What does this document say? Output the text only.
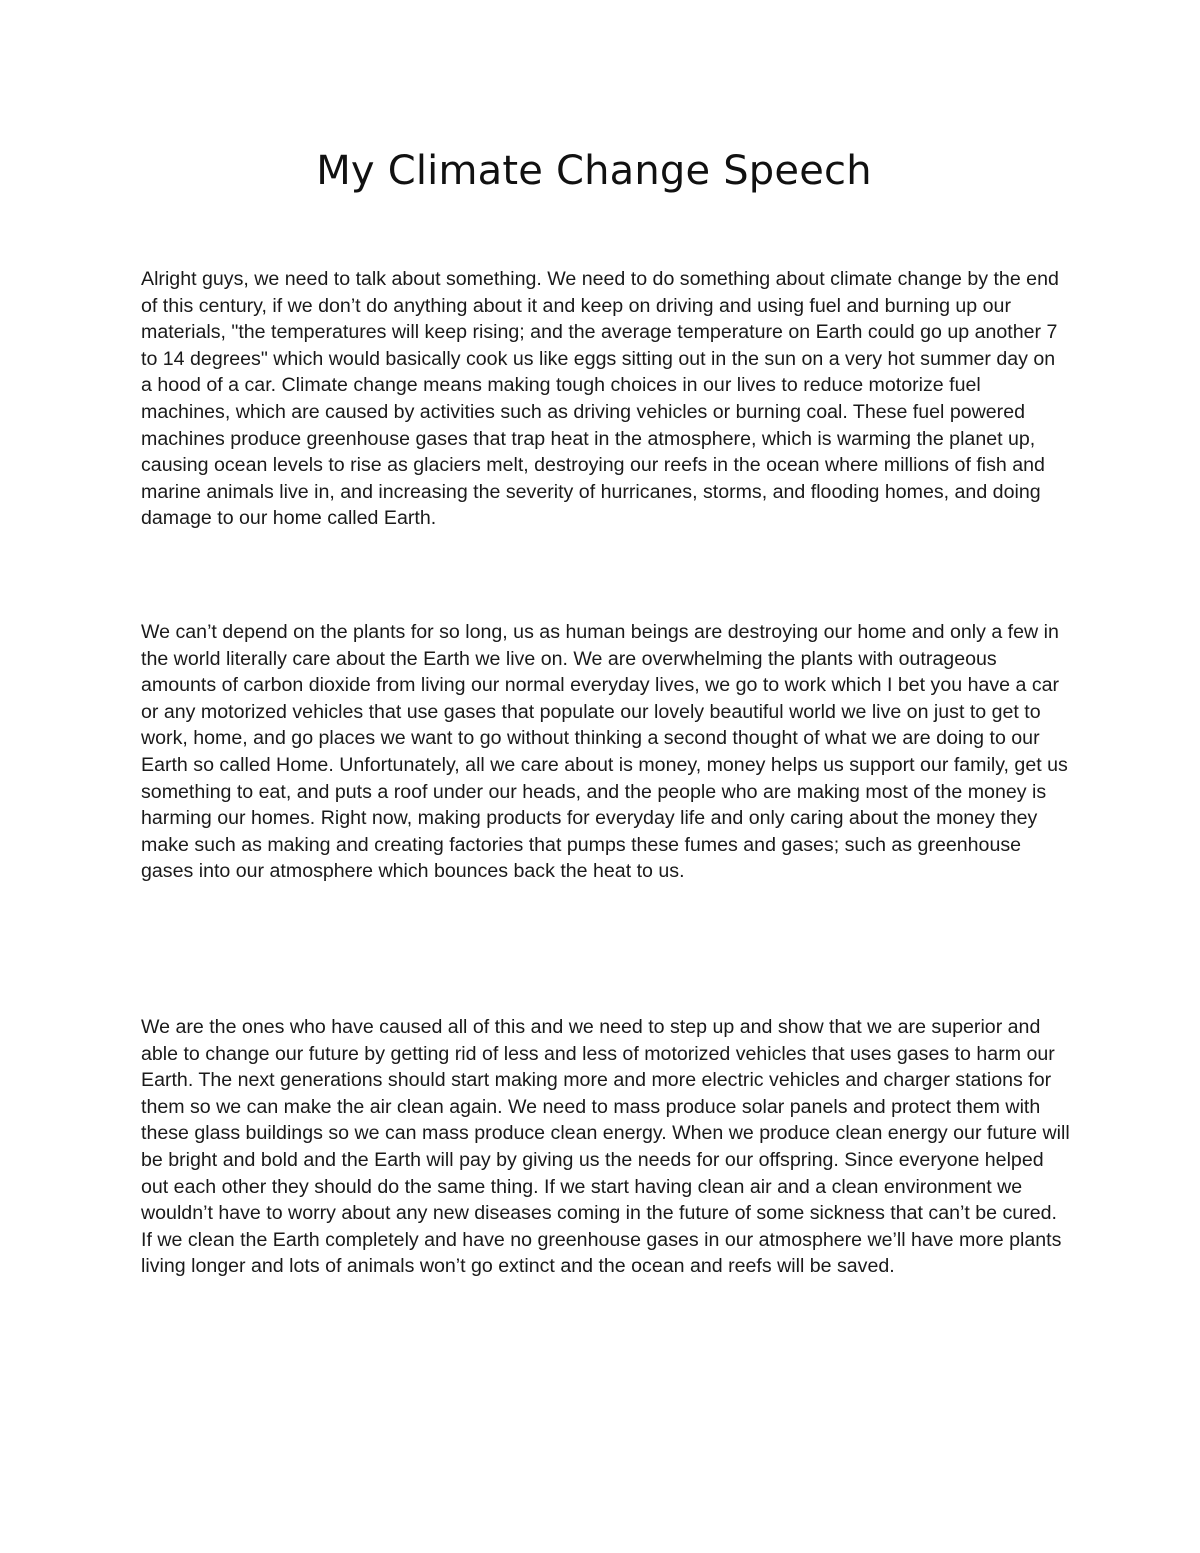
My Climate Change Speech

Alright guys, we need to talk about something. We need to do something about climate change by the end of this century, if we don’t do anything about it and keep on driving and using fuel and burning up our materials, "the temperatures will keep rising; and the average temperature on Earth could go up another 7 to 14 degrees" which would basically cook us like eggs sitting out in the sun on a very hot summer day on a hood of a car. Climate change means making tough choices in our lives to reduce motorize fuel machines, which are caused by activities such as driving vehicles or burning coal. These fuel powered machines produce greenhouse gases that trap heat in the atmosphere, which is warming the planet up, causing ocean levels to rise as glaciers melt, destroying our reefs in the ocean where millions of fish and marine animals live in, and increasing the severity of hurricanes, storms, and flooding homes, and doing damage to our home called Earth.

We can’t depend on the plants for so long, us as human beings are destroying our home and only a few in the world literally care about the Earth we live on. We are overwhelming the plants with outrageous amounts of carbon dioxide from living our normal everyday lives, we go to work which I bet you have a car or any motorized vehicles that use gases that populate our lovely beautiful world we live on just to get to work, home, and go places we want to go without thinking a second thought of what we are doing to our Earth so called Home. Unfortunately, all we care about is money, money helps us support our family, get us something to eat, and puts a roof under our heads, and the people who are making most of the money is harming our homes. Right now, making products for everyday life and only caring about the money they make such as making and creating factories that pumps these fumes and gases; such as greenhouse gases into our atmosphere which bounces back the heat to us.

We are the ones who have caused all of this and we need to step up and show that we are superior and able to change our future by getting rid of less and less of motorized vehicles that uses gases to harm our Earth. The next generations should start making more and more electric vehicles and charger stations for them so we can make the air clean again. We need to mass produce solar panels and protect them with these glass buildings so we can mass produce clean energy. When we produce clean energy our future will be bright and bold and the Earth will pay by giving us the needs for our offspring. Since everyone helped out each other they should do the same thing. If we start having clean air and a clean environment we wouldn’t have to worry about any new diseases coming in the future of some sickness that can’t be cured. If we clean the Earth completely and have no greenhouse gases in our atmosphere we’ll have more plants living longer and lots of animals won’t go extinct and the ocean and reefs will be saved.
